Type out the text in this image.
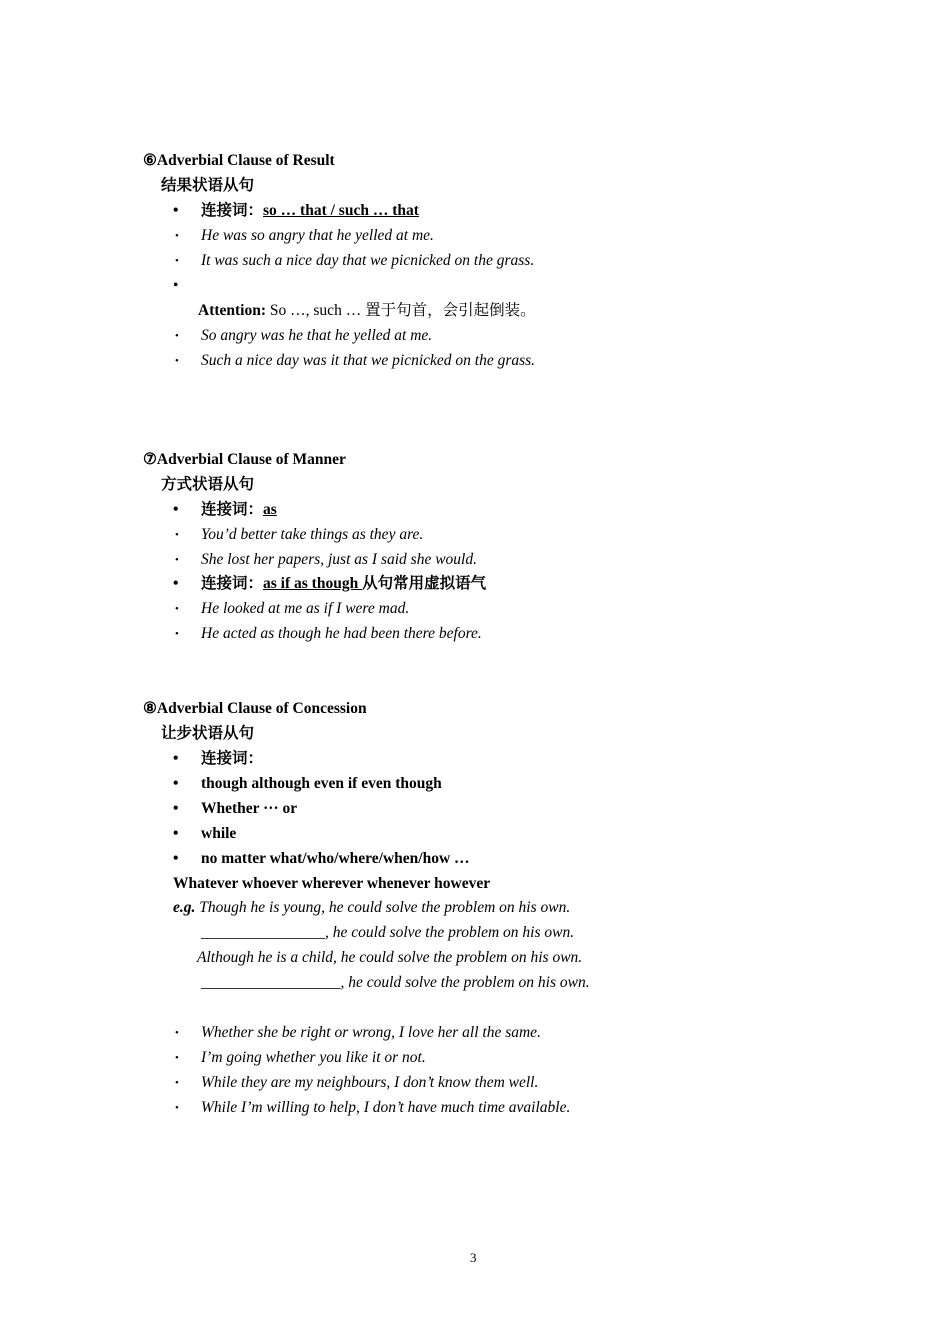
⑥Adverbial Clause of Result
结果状语从句
• 连接词：so … that / such … that
• He was so angry that he yelled at me.
• It was such a nice day that we picnicked on the grass.
Attention: So …, such … 置于句首，会引起倒装。
• So angry was he that he yelled at me.
• Such a nice day was it that we picnicked on the grass.
⑦Adverbial Clause of Manner
方式状语从句
• 连接词：as
• You’d better take things as they are.
• She lost her papers, just as I said she would.
• 连接词：as if as though 从句常用虚拟语气
• He looked at me as if I were mad.
• He acted as though he had been there before.
⑧Adverbial Clause of Concession
让步状语从句
• 连接词：
• though although even if even though
• Whether ··· or
• while
• no matter what/who/where/when/how …
Whatever whoever wherever whenever however
e.g. Though he is young, he could solve the problem on his own.
________________, he could solve the problem on his own.
Although he is a child, he could solve the problem on his own.
__________________, he could solve the problem on his own.
• Whether she be right or wrong, I love her all the same.
• I’m going whether you like it or not.
• While they are my neighbours, I don’t know them well.
• While I’m willing to help, I don’t have much time available.
3
